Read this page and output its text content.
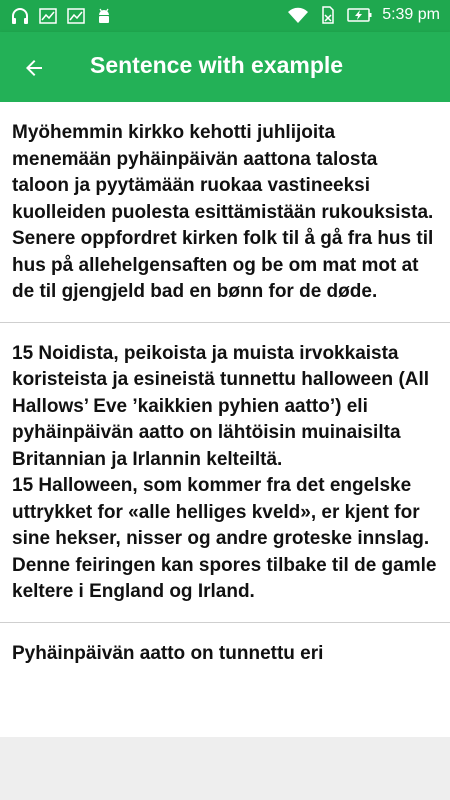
5:39 pm
Sentence with example

Myöhemmin kirkko kehotti juhlijoita menemään pyhäinpäivän aattona talosta taloon ja pyytämään ruokaa vastineeksi kuolleiden puolesta esittämistään rukouksista.

Senere oppfordret kirken folk til å gå fra hus til hus på allehelgensaften og be om mat mot at de til gjengjeld bad en bønn for de døde.

15 Noidista, peikoista ja muista irvokkaista koristeista ja esineistä tunnettu halloween (All Hallows’ Eve ’kaikkien pyhien aatto’) eli pyhäinpäivän aatto on lähtöisin muinaisilta Britannian ja Irlannin kelteiltä.

15 Halloween, som kommer fra det engelske uttrykket for «alle helliges kveld», er kjent for sine hekser, nisser og andre groteske innslag. Denne feiringen kan spores tilbake til de gamle keltere i England og Irland.

Pyhäinpäivän aatto on tunnettu eri
